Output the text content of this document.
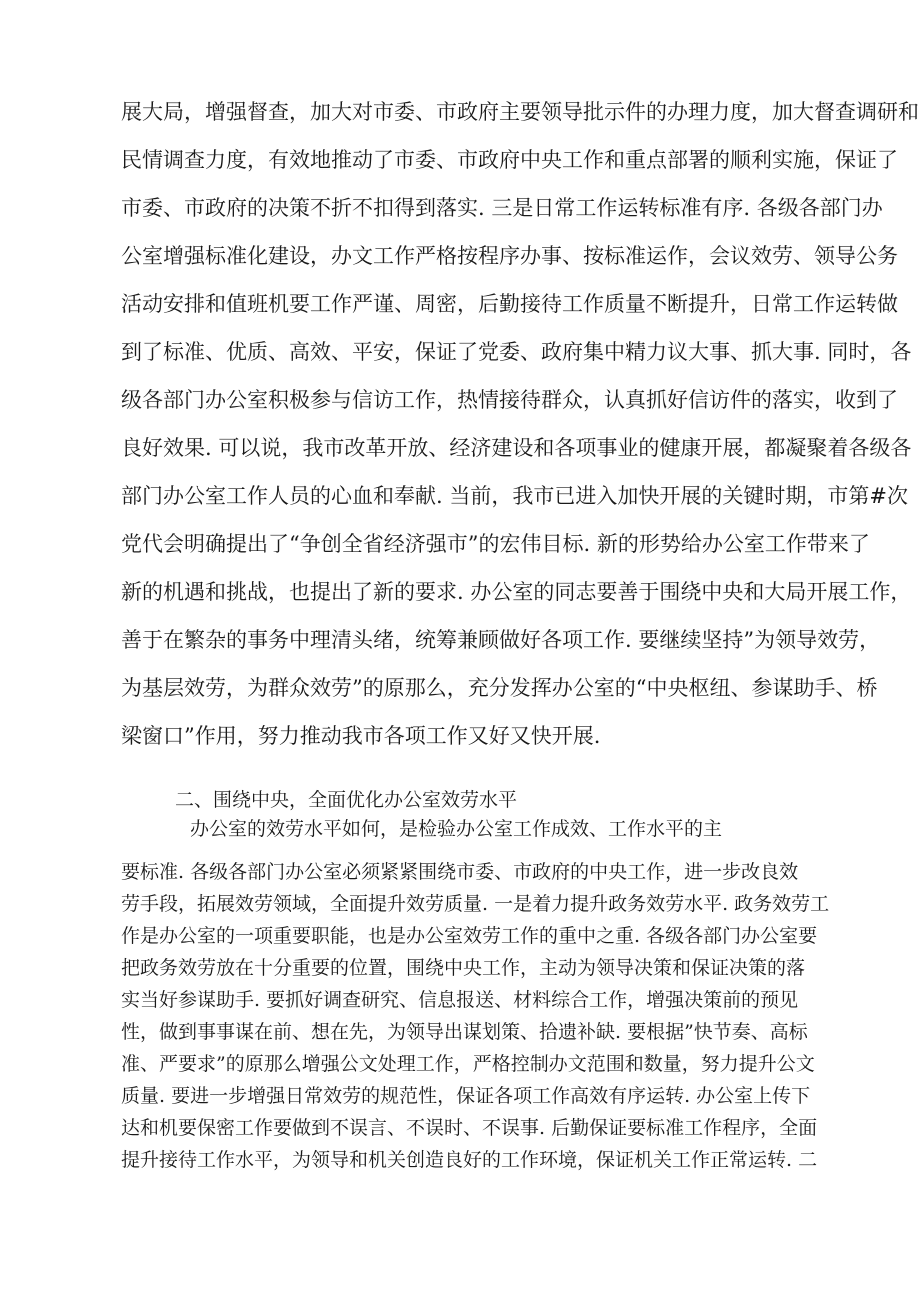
展大局，增强督查，加大对市委、市政府主要领导批示件的办理力度，加大督查调研和
民情调查力度，有效地推动了市委、市政府中央工作和重点部署的顺利实施，保证了
市委、市政府的决策不折不扣得到落实. 三是日常工作运转标准有序. 各级各部门办
公室增强标准化建设，办文工作严格按程序办事、按标准运作，会议效劳、领导公务
活动安排和值班机要工作严谨、周密，后勤接待工作质量不断提升，日常工作运转做
到了标准、优质、高效、平安，保证了党委、政府集中精力议大事、抓大事. 同时，各
级各部门办公室积极参与信访工作，热情接待群众，认真抓好信访件的落实，收到了
良好效果. 可以说，我市改革开放、经济建设和各项事业的健康开展，都凝聚着各级各
部门办公室工作人员的心血和奉献. 当前，我市已进入加快开展的关键时期，市第#次
党代会明确提出了“争创全省经济强市”的宏伟目标. 新的形势给办公室工作带来了
新的机遇和挑战，也提出了新的要求. 办公室的同志要善于围绕中央和大局开展工作，
善于在繁杂的事务中理清头绪，统筹兼顾做好各项工作. 要继续坚持”为领导效劳，
为基层效劳，为群众效劳”的原那么，充分发挥办公室的“中央枢纽、参谋助手、桥
梁窗口”作用，努力推动我市各项工作又好又快开展.
二、围绕中央，全面优化办公室效劳水平
办公室的效劳水平如何，是检验办公室工作成效、工作水平的主
要标准. 各级各部门办公室必须紧紧围绕市委、市政府的中央工作，进一步改良效
劳手段，拓展效劳领域，全面提升效劳质量. 一是着力提升政务效劳水平. 政务效劳工
作是办公室的一项重要职能，也是办公室效劳工作的重中之重. 各级各部门办公室要
把政务效劳放在十分重要的位置，围绕中央工作，主动为领导决策和保证决策的落
实当好参谋助手. 要抓好调查研究、信息报送、材料综合工作，增强决策前的预见
性，做到事事谋在前、想在先，为领导出谋划策、拾遗补缺. 要根据”快节奏、高标
准、严要求”的原那么增强公文处理工作，严格控制办文范围和数量，努力提升公文
质量. 要进一步增强日常效劳的规范性，保证各项工作高效有序运转. 办公室上传下
达和机要保密工作要做到不误言、不误时、不误事. 后勤保证要标准工作程序，全面
提升接待工作水平，为领导和机关创造良好的工作环境，保证机关工作正常运转. 二
